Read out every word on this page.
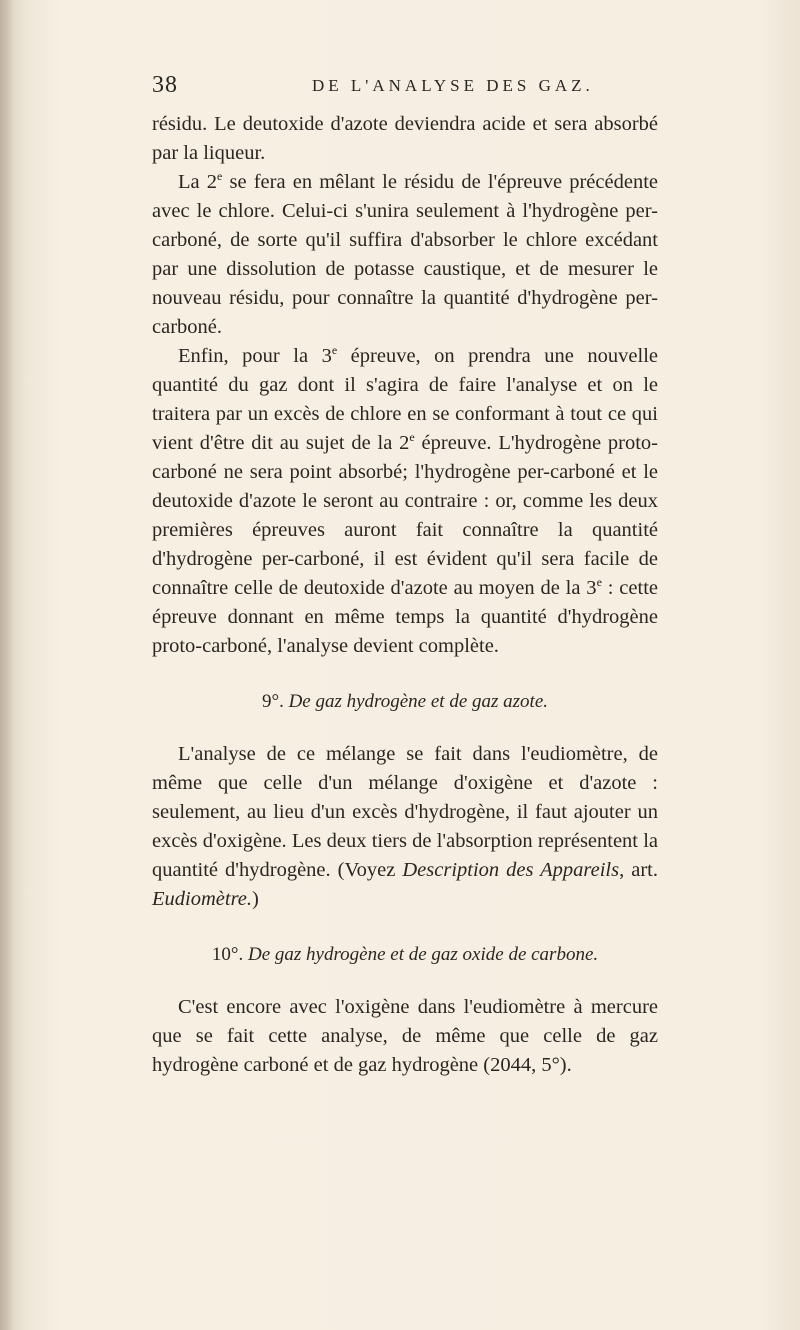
38	DE L'ANALYSE DES GAZ.

résidu. Le deutoxide d'azote deviendra acide et sera absorbé par la liqueur.

La 2e se fera en mêlant le résidu de l'épreuve précédente avec le chlore. Celui-ci s'unira seulement à l'hydrogène per-carboné, de sorte qu'il suffira d'absorber le chlore excédant par une dissolution de potasse caustique, et de mesurer le nouveau résidu, pour connaître la quantité d'hydrogène per-carboné.

Enfin, pour la 3e épreuve, on prendra une nouvelle quantité du gaz dont il s'agira de faire l'analyse et on le traitera par un excès de chlore en se conformant à tout ce qui vient d'être dit au sujet de la 2e épreuve. L'hydrogène proto-carboné ne sera point absorbé; l'hydrogène per-carboné et le deutoxide d'azote le seront au contraire : or, comme les deux premières épreuves auront fait connaître la quantité d'hydrogène per-carboné, il est évident qu'il sera facile de connaître celle de deutoxide d'azote au moyen de la 3e : cette épreuve donnant en même temps la quantité d'hydrogène proto-carboné, l'analyse devient complète.

9°. De gaz hydrogène et de gaz azote.

L'analyse de ce mélange se fait dans l'eudiomètre, de même que celle d'un mélange d'oxigène et d'azote : seulement, au lieu d'un excès d'hydrogène, il faut ajouter un excès d'oxigène. Les deux tiers de l'absorption représentent la quantité d'hydrogène. (Voyez Description des Appareils, art. Eudiomètre.)

10°. De gaz hydrogène et de gaz oxide de carbone.

C'est encore avec l'oxigène dans l'eudiomètre à mercure que se fait cette analyse, de même que celle de gaz hydrogène carboné et de gaz hydrogène (2044, 5°).
